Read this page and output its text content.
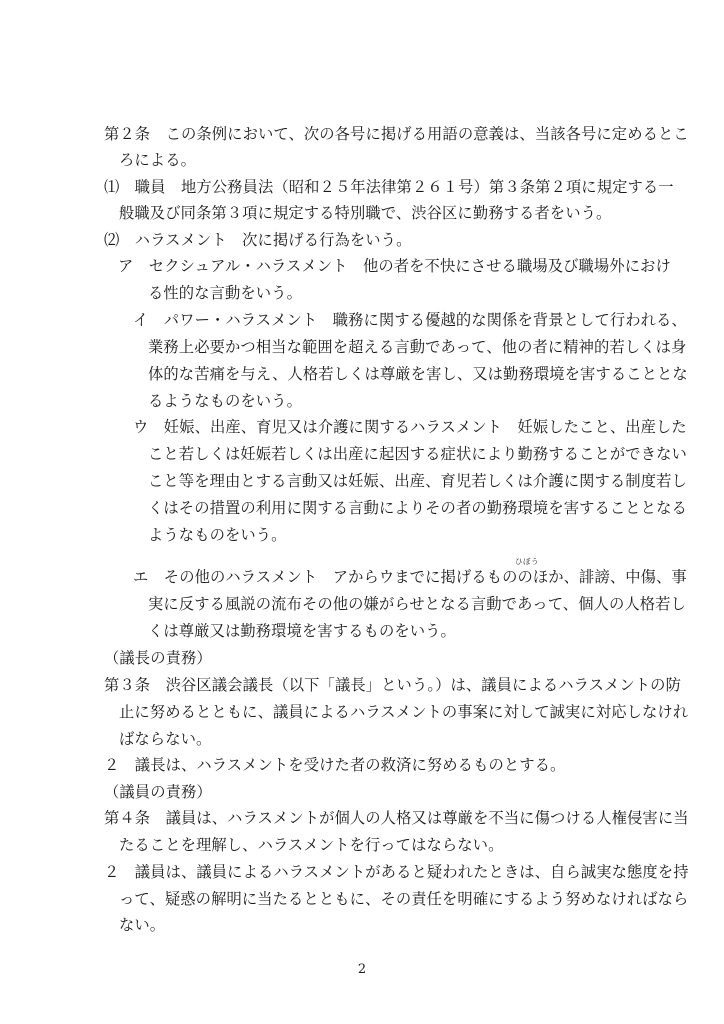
第２条　この条例において、次の各号に掲げる用語の意義は、当該各号に定めるとこ
ろによる。
⑴　職員　地方公務員法（昭和２５年法律第２６１号）第３条第２項に規定する一
般職及び同条第３項に規定する特別職で、渋谷区に勤務する者をいう。
⑵　ハラスメント　次に掲げる行為をいう。
ア　セクシュアル・ハラスメント　他の者を不快にさせる職場及び職場外におけ
る性的な言動をいう。
イ　パワー・ハラスメント　職務に関する優越的な関係を背景として行われる、
業務上必要かつ相当な範囲を超える言動であって、他の者に精神的若しくは身
体的な苦痛を与え、人格若しくは尊厳を害し、又は勤務環境を害することとな
るようなものをいう。
ウ　妊娠、出産、育児又は介護に関するハラスメント　妊娠したこと、出産した
こと若しくは妊娠若しくは出産に起因する症状により勤務することができない
こと等を理由とする言動又は妊娠、出産、育児若しくは介護に関する制度若し
くはその措置の利用に関する言動によりその者の勤務環境を害することとなる
ようなものをいう。
ひぼう
エ　その他のハラスメント　アからウまでに掲げるもののほか、誹謗、中傷、事
実に反する風説の流布その他の嫌がらせとなる言動であって、個人の人格若し
くは尊厳又は勤務環境を害するものをいう。
（議長の責務）
第３条　渋谷区議会議長（以下「議長」という。）は、議員によるハラスメントの防
止に努めるとともに、議員によるハラスメントの事案に対して誠実に対応しなけれ
ばならない。
２　議長は、ハラスメントを受けた者の救済に努めるものとする。
（議員の責務）
第４条　議員は、ハラスメントが個人の人格又は尊厳を不当に傷つける人権侵害に当
たることを理解し、ハラスメントを行ってはならない。
２　議員は、議員によるハラスメントがあると疑われたときは、自ら誠実な態度を持
って、疑惑の解明に当たるとともに、その責任を明確にするよう努めなければなら
ない。
2
